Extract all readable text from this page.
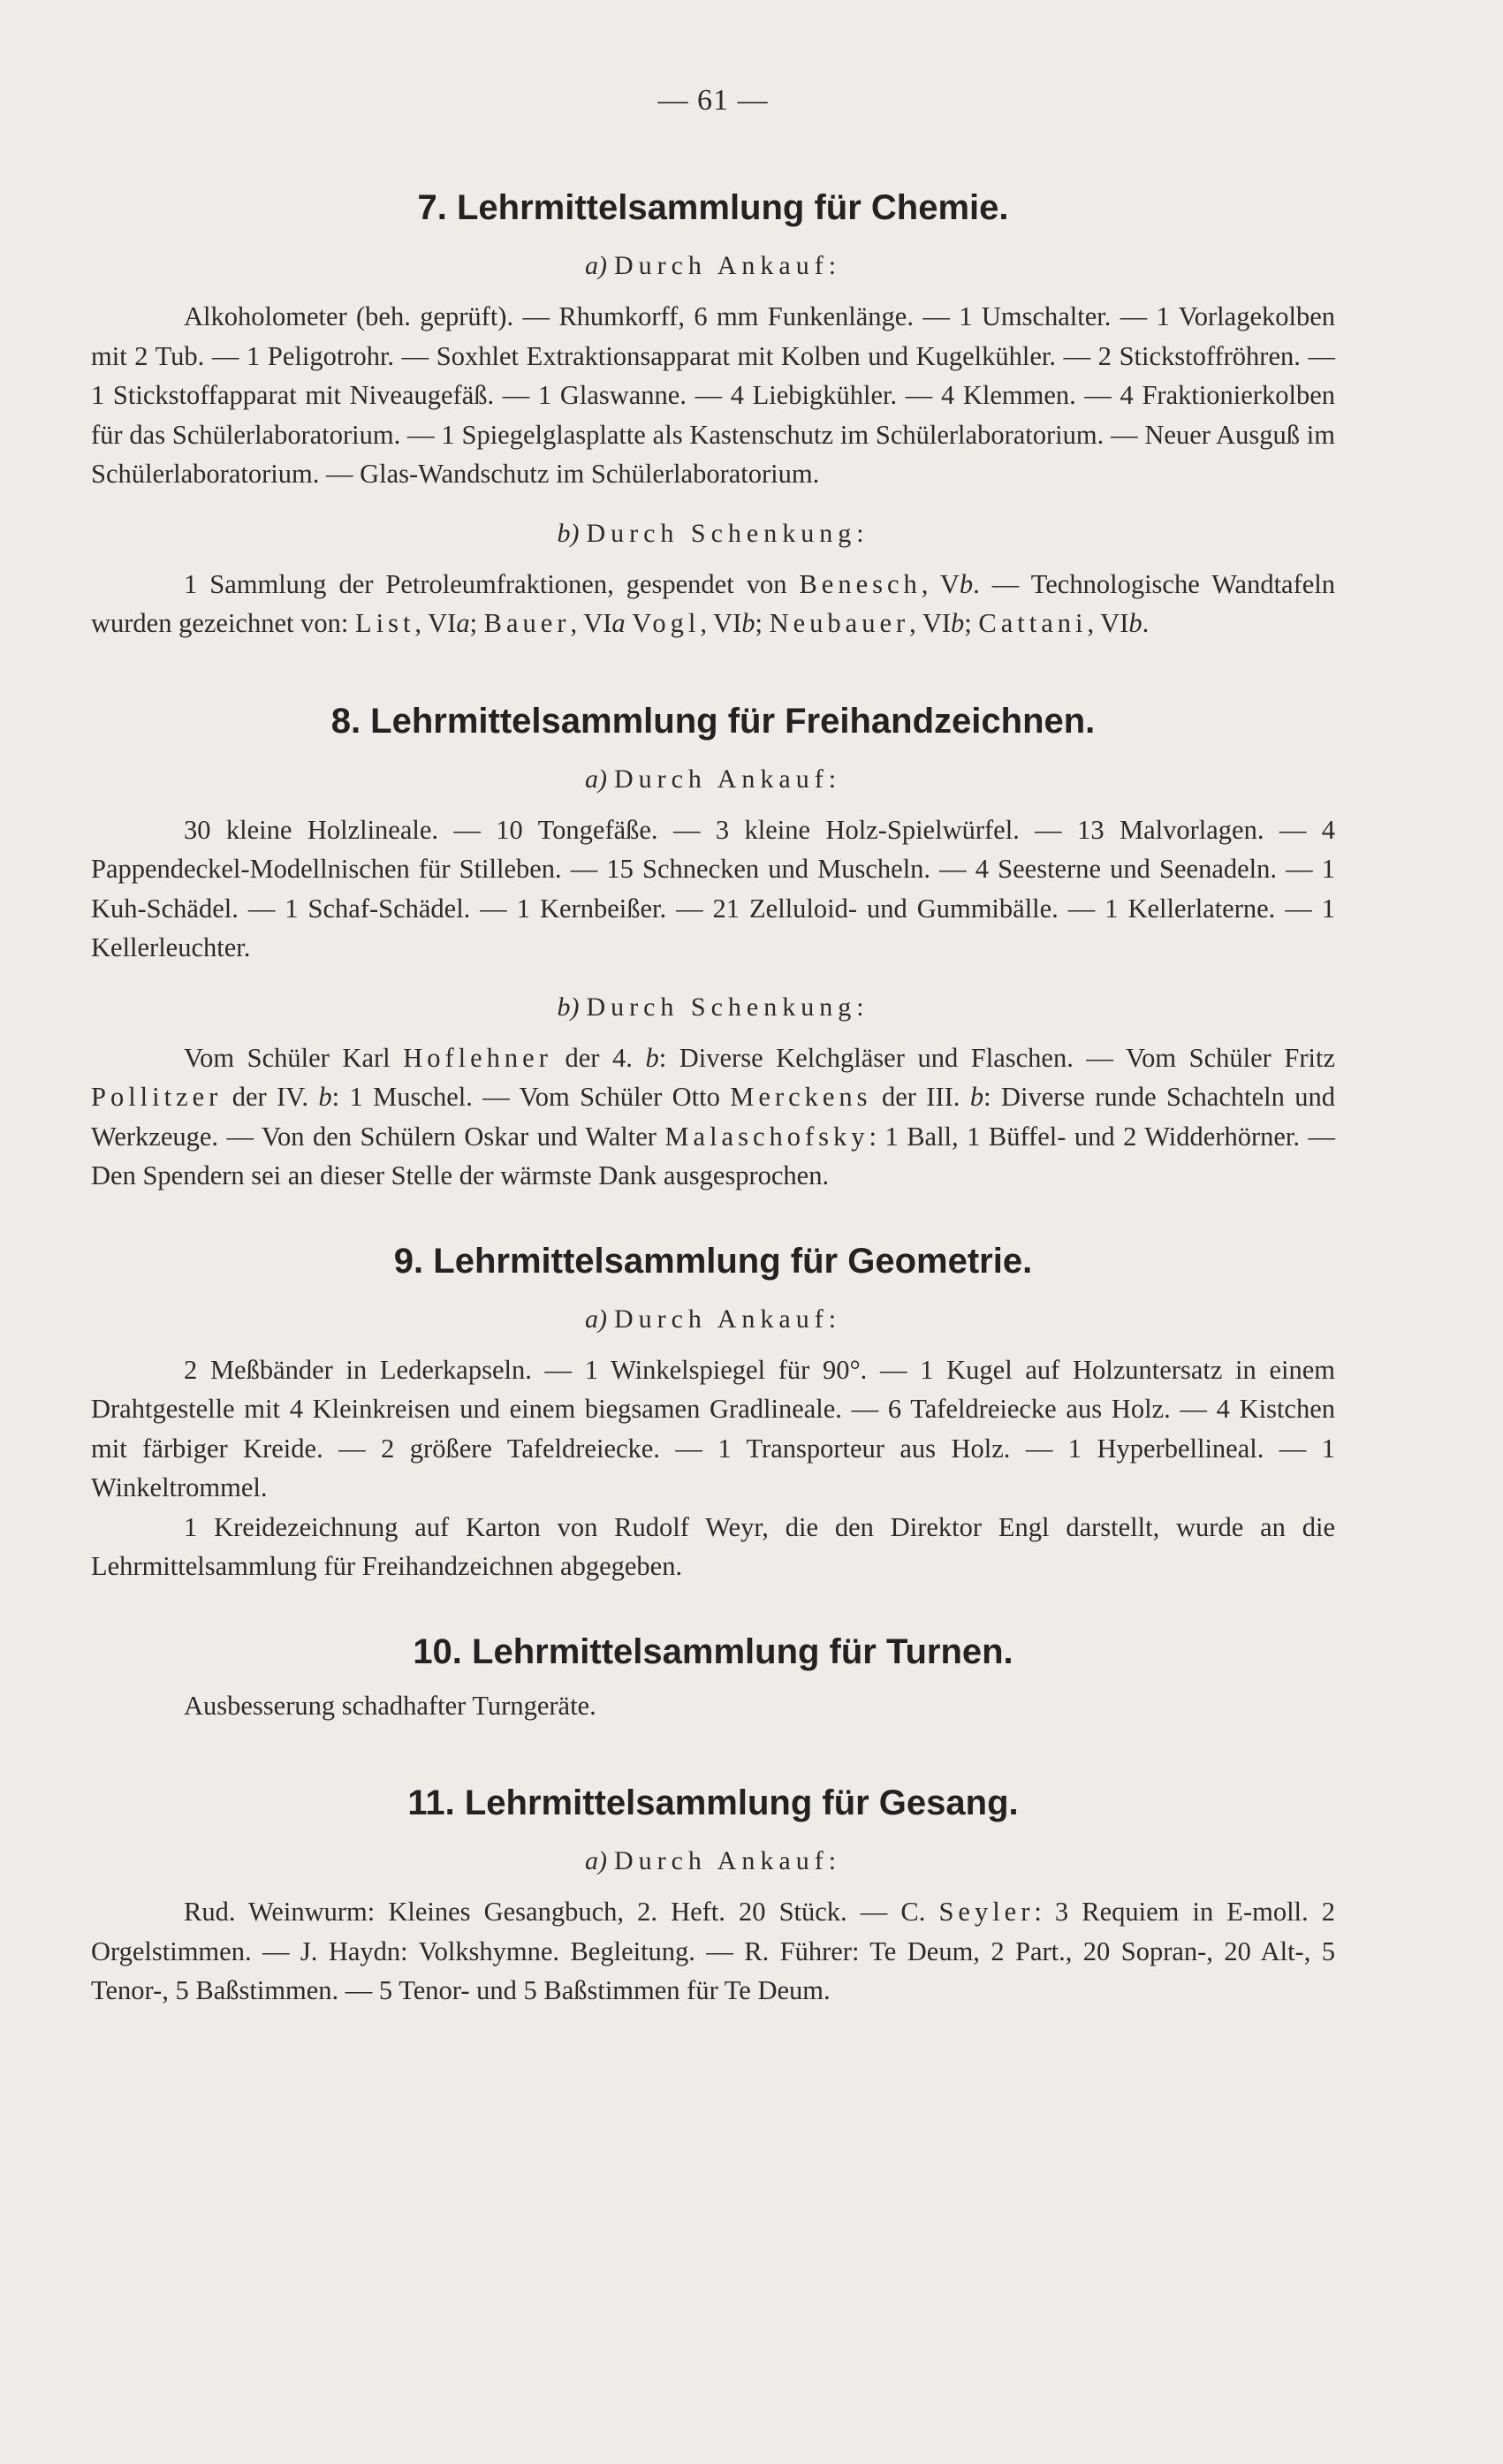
— 61 —
7. Lehrmittelsammlung für Chemie.
a) Durch Ankauf:

Alkoholometer (beh. geprüft). — Rhumkorff, 6 mm Funkenlänge. — 1 Umschalter. — 1 Vorlagekolben mit 2 Tub. — 1 Peligotrohr. — Soxhlet Extraktionsapparat mit Kolben und Kugelkühler. — 2 Stickstoffröhren. — 1 Stickstoffapparat mit Niveaugefäß. — 1 Glaswanne. — 4 Liebigkühler. — 4 Klemmen. — 4 Fraktionierkolben für das Schülerlaboratorium. — 1 Spiegelglasplatte als Kastenschutz im Schülerlaboratorium. — Neuer Ausguß im Schülerlaboratorium. — Glas-Wandschutz im Schülerlaboratorium.

b) Durch Schenkung:

1 Sammlung der Petroleumfraktionen, gespendet von Benesch, Vb. — Technologische Wandtafeln wurden gezeichnet von: List, VIa; Bauer, VIa Vogl, VIb; Neubauer, VIb; Cattani, VIb.

8. Lehrmittelsammlung für Freihandzeichnen.
a) Durch Ankauf:

30 kleine Holzlineale. — 10 Tongefäße. — 3 kleine Holz-Spielwürfel. — 13 Malvorlagen. — 4 Pappendeckel-Modellnischen für Stilleben. — 15 Schnecken und Muscheln. — 4 Seesterne und Seenadeln. — 1 Kuh-Schädel. — 1 Schaf-Schädel. — 1 Kernbeißer. — 21 Zelluloid- und Gummibälle. — 1 Kellerlaterne. — 1 Kellerleuchter.

b) Durch Schenkung:

Vom Schüler Karl Hoflehner der 4. b: Diverse Kelchgläser und Flaschen. — Vom Schüler Fritz Pollitzer der IV. b: 1 Muschel. — Vom Schüler Otto Merckens der III. b: Diverse runde Schachteln und Werkzeuge. — Von den Schülern Oskar und Walter Malaschofsky: 1 Ball, 1 Büffel- und 2 Widderhörner. — Den Spendern sei an dieser Stelle der wärmste Dank ausgesprochen.

9. Lehrmittelsammlung für Geometrie.
a) Durch Ankauf:

2 Meßbänder in Lederkapseln. — 1 Winkelspiegel für 90°. — 1 Kugel auf Holzuntersatz in einem Drahtgestelle mit 4 Kleinkreisen und einem biegsamen Gradlineale. — 6 Tafeldreiecke aus Holz. — 4 Kistchen mit färbiger Kreide. — 2 größere Tafeldreiecke. — 1 Transporteur aus Holz. — 1 Hyperbellineal. — 1 Winkeltrommel.

1 Kreidezeichnung auf Karton von Rudolf Weyr, die den Direktor Engl darstellt, wurde an die Lehrmittelsammlung für Freihandzeichnen abgegeben.

10. Lehrmittelsammlung für Turnen.

Ausbesserung schadhafter Turngeräte.

11. Lehrmittelsammlung für Gesang.
a) Durch Ankauf:

Rud. Weinwurm: Kleines Gesangbuch, 2. Heft. 20 Stück. — C. Seyler: 3 Requiem in E-moll. 2 Orgelstimmen. — J. Haydn: Volkshymne. Begleitung. — R. Führer: Te Deum, 2 Part., 20 Sopran-, 20 Alt-, 5 Tenor-, 5 Baßstimmen. — 5 Tenor- und 5 Baßstimmen für Te Deum.
